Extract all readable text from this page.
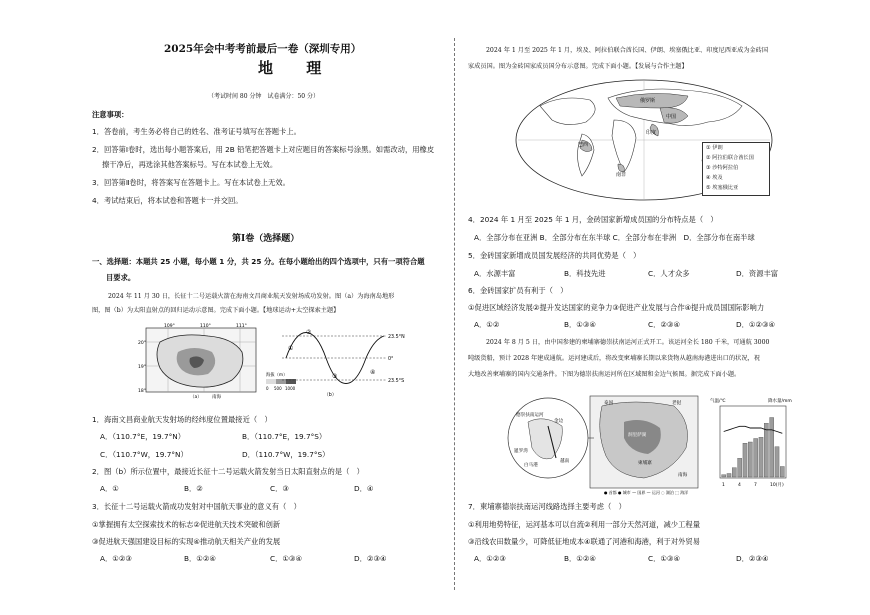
2025年会中考考前最后一卷（深圳专用）
地 理
（考试时间 80 分钟　试卷满分：50 分）
注意事项：
1．答卷前，考生务必将自己的姓名、准考证号填写在答题卡上。
2．回答第Ⅰ卷时，选出每小题答案后，用 2B 铅笔把答题卡上对应题目的答案标号涂黑。如需改动，用橡皮
擦干净后，再选涂其他答案标号。写在本试卷上无效。
3．回答第Ⅱ卷时，将答案写在答题卡上。写在本试卷上无效。
4．考试结束后，将本试卷和答题卡一并交回。
第Ⅰ卷（选择题）
一、选择题：本题共 25 小题，每小题 1 分，共 25 分。在每小题给出的四个选项中，只有一项符合题
目要求。
2024 年 11 月 30 日，长征十二号运载火箭在海南文昌商业航天发射场成功发射。图（a）为海南岛地形
图，图（b）为太阳直射点的回归运动示意图。完成下面小题。【地球运动+太空探索主题】
109°	110°	111°
20°
19°
18°
南海
（a）
海拔（m）
0 500 1000
23.5°N
0°
23.5°S
①
②
③
④
（b）
1．海南文昌商业航天发射场的经纬度位置最接近（　）
A．（110.7°E，19.7°N）	B．（110.7°E，19.7°S）
C．（110.7°W，19.7°N）	D．（110.7°W，19.7°S）
2．图（b）所示位置中，最接近长征十二号运载火箭发射当日太阳直射点的是（　）
A．①	B．②	C．③	D．④
3．长征十二号运载火箭成功发射对中国航天事业的意义有（　）
①掌握拥有太空探索技术的标志②促进航天技术突破和创新
③促进航天强国建设目标的实现④推动航天相关产业的发展
A．①②③	B．①②④	C．①③④	D．②③④
2024 年 1 月至 2025 年 1 月，埃及、阿拉伯联合酋长国、伊朗、埃塞俄比亚、印度尼西亚成为金砖国
家成员国。图为金砖国家成员国分布示意图。完成下面小题。【发展与合作主题】
俄罗斯
中国
印度
巴西
南非
① 伊朗
② 阿拉伯联合酋长国
③ 沙特阿拉伯
④ 埃及
⑤ 埃塞俄比亚
4．2024 年 1 月至 2025 年 1 月，金砖国家新增成员国的分布特点是（　）
A．全部分布在亚洲 B．全部分布在东半球 C．全部分布在非洲　D．全部分布在南半球
5．金砖国家新增成员国发展经济的共同优势是（　）
A．水源丰富	B．科技先进	C．人才众多	D．资源丰富
6．金砖国家扩员有利于（　）
①促进区域经济发展②提升发达国家的竞争力③促进产业发展与合作④提升成员国国际影响力
A．①②	B．①③④	C．②③④	D．①②③④
2024 年 8 月 5 日，由中国参建的柬埔寨德崇扶南运河正式开工。该运河全长 180 千米，可通航 3000
吨级货船，预计 2028 年建成通航。运河建成后，将改变柬埔寨长期以来货物从越南海港进出口的状况，祝
大地改善柬埔寨的国内交通条件。下图为德崇扶南运河所在区域图和金边气候图。据完成下面小题。
德崇扶南运河
金边
暹罗湾
白马港
越南
泰国	老挝
柬埔寨
南海
洞里萨湖
● 首都 ● 城市 — 国界 — 运河 ◌ 湖泊 ⬚ 海洋
气温/℃	降水量/mm
1	4	7	10(月)
7．柬埔寨德崇扶南运河线路选择主要考虑（　）
①利用地势特征，运河基本可以自流②利用一部分天然河道，减少工程量
③沿线农田数量少，可降低征地成本④联通了河港和海港，利于对外贸易
A．①②③	B．①②④	C．①③④	D．②③④
